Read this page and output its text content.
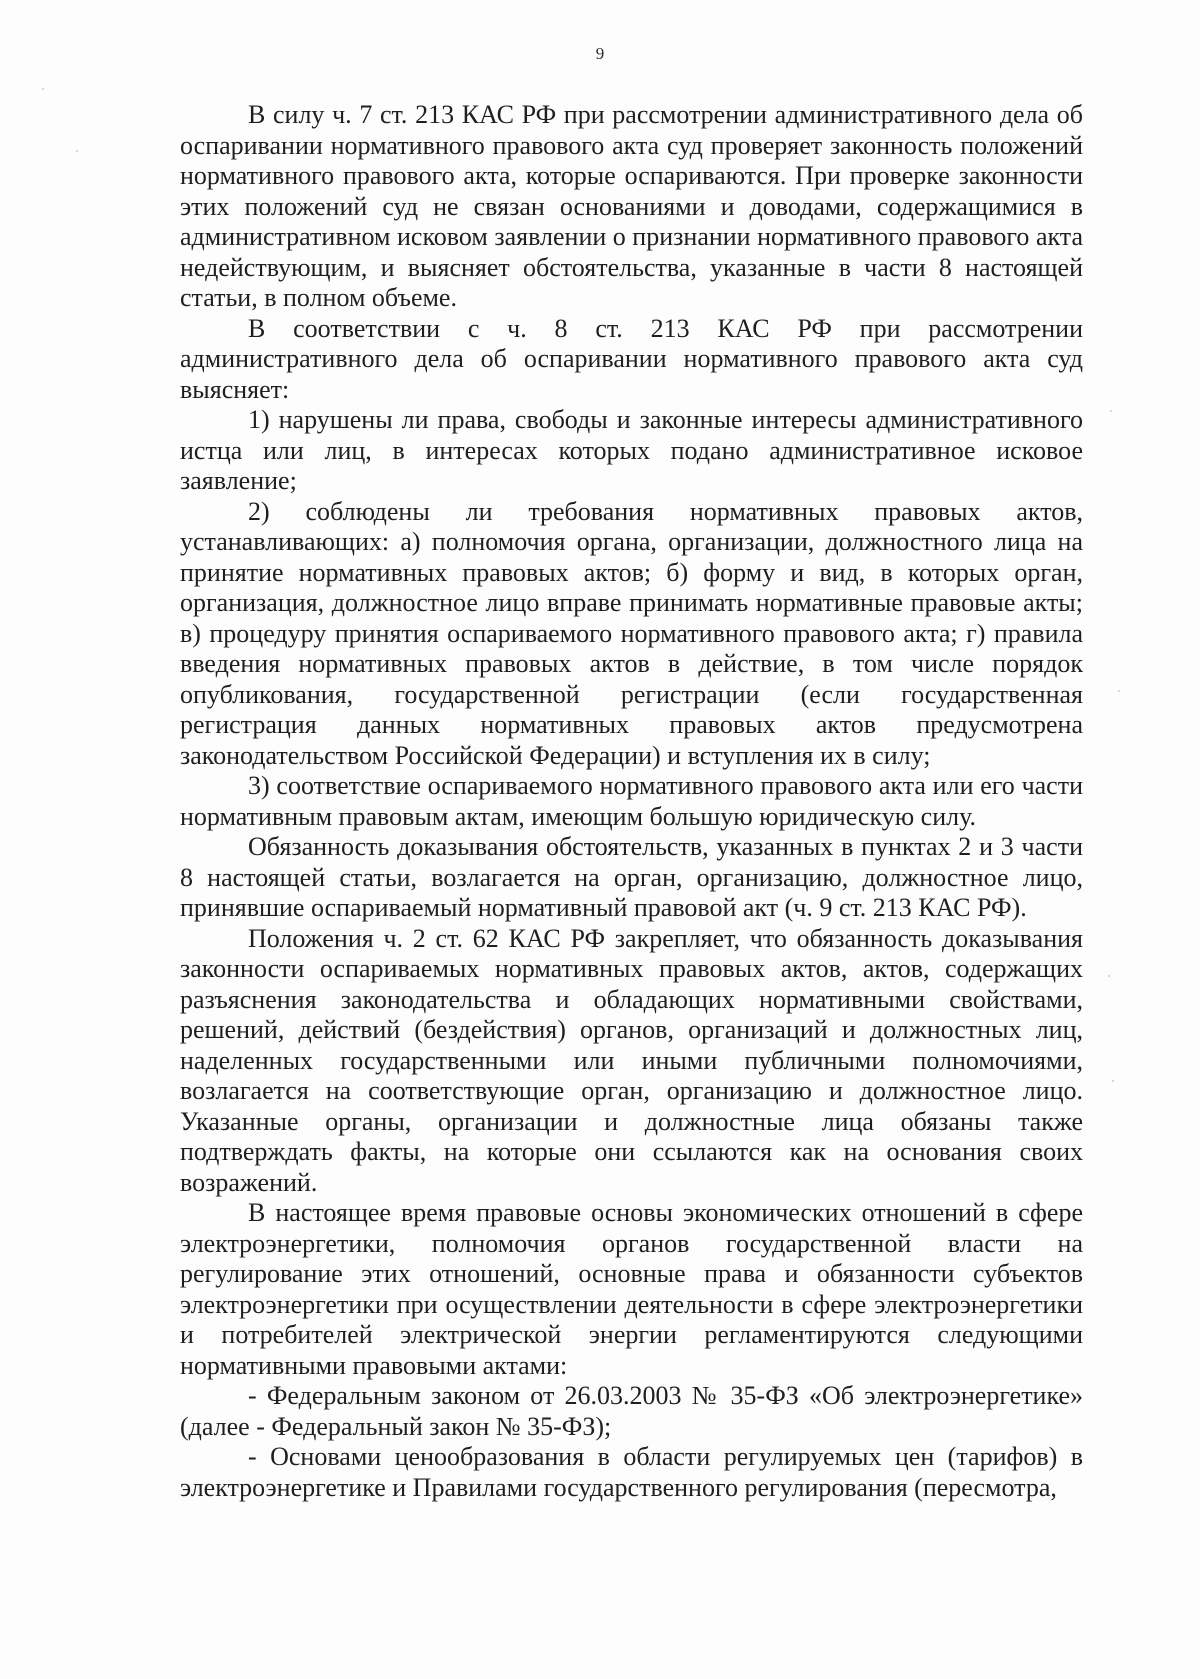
9

В силу ч. 7 ст. 213 КАС РФ при рассмотрении административного дела об оспаривании нормативного правового акта суд проверяет законность положений нормативного правового акта, которые оспариваются. При проверке законности этих положений суд не связан основаниями и доводами, содержащимися в административном исковом заявлении о признании нормативного правового акта недействующим, и выясняет обстоятельства, указанные в части 8 настоящей статьи, в полном объеме.

В соответствии с ч. 8 ст. 213 КАС РФ при рассмотрении административного дела об оспаривании нормативного правового акта суд выясняет:

1) нарушены ли права, свободы и законные интересы административного истца или лиц, в интересах которых подано административное исковое заявление;

2) соблюдены ли требования нормативных правовых актов, устанавливающих: а) полномочия органа, организации, должностного лица на принятие нормативных правовых актов; б) форму и вид, в которых орган, организация, должностное лицо вправе принимать нормативные правовые акты; в) процедуру принятия оспариваемого нормативного правового акта; г) правила введения нормативных правовых актов в действие, в том числе порядок опубликования, государственной регистрации (если государственная регистрация данных нормативных правовых актов предусмотрена законодательством Российской Федерации) и вступления их в силу;

3) соответствие оспариваемого нормативного правового акта или его части нормативным правовым актам, имеющим большую юридическую силу.

Обязанность доказывания обстоятельств, указанных в пунктах 2 и 3 части 8 настоящей статьи, возлагается на орган, организацию, должностное лицо, принявшие оспариваемый нормативный правовой акт (ч. 9 ст. 213 КАС РФ).

Положения ч. 2 ст. 62 КАС РФ закрепляет, что обязанность доказывания законности оспариваемых нормативных правовых актов, актов, содержащих разъяснения законодательства и обладающих нормативными свойствами, решений, действий (бездействия) органов, организаций и должностных лиц, наделенных государственными или иными публичными полномочиями, возлагается на соответствующие орган, организацию и должностное лицо. Указанные органы, организации и должностные лица обязаны также подтверждать факты, на которые они ссылаются как на основания своих возражений.

В настоящее время правовые основы экономических отношений в сфере электроэнергетики, полномочия органов государственной власти на регулирование этих отношений, основные права и обязанности субъектов электроэнергетики при осуществлении деятельности в сфере электроэнергетики и потребителей электрической энергии регламентируются следующими нормативными правовыми актами:

- Федеральным законом от 26.03.2003 № 35-ФЗ «Об электроэнергетике» (далее - Федеральный закон № 35-ФЗ);

- Основами ценообразования в области регулируемых цен (тарифов) в электроэнергетике и Правилами государственного регулирования (пересмотра,
